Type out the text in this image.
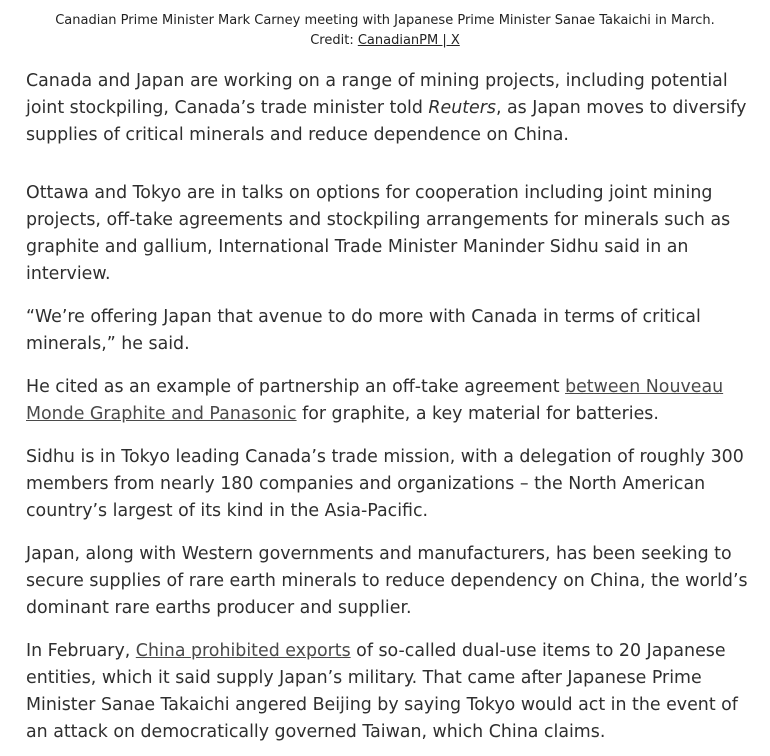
Canadian Prime Minister Mark Carney meeting with Japanese Prime Minister Sanae Takaichi in March.
Credit: CanadianPM | X

Canada and Japan are working on a range of mining projects, including potential joint stockpiling, Canada’s trade minister told Reuters, as Japan moves to diversify supplies of critical minerals and reduce dependence on China.

Ottawa and Tokyo are in talks on options for cooperation including joint mining projects, off-take agreements and stockpiling arrangements for minerals such as graphite and gallium, International Trade Minister Maninder Sidhu said in an interview.

“We’re offering Japan that avenue to do more with Canada in terms of critical minerals,” he said.

He cited as an example of partnership an off-take agreement between Nouveau Monde Graphite and Panasonic for graphite, a key material for batteries.

Sidhu is in Tokyo leading Canada’s trade mission, with a delegation of roughly 300 members from nearly 180 companies and organizations – the North American country’s largest of its kind in the Asia-Pacific.

Japan, along with Western governments and manufacturers, has been seeking to secure supplies of rare earth minerals to reduce dependency on China, the world’s dominant rare earths producer and supplier.

In February, China prohibited exports of so-called dual-use items to 20 Japanese entities, which it said supply Japan’s military. That came after Japanese Prime Minister Sanae Takaichi angered Beijing by saying Tokyo would act in the event of an attack on democratically governed Taiwan, which China claims.
